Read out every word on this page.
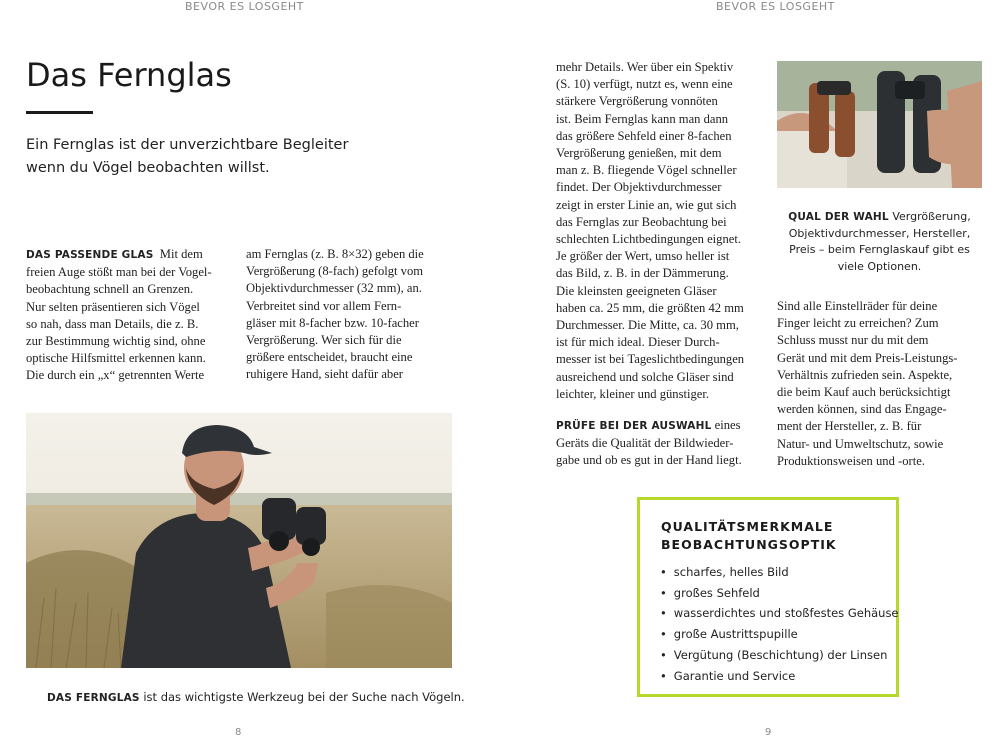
BEVOR ES LOSGEHT	BEVOR ES LOSGEHT
Das Fernglas
Ein Fernglas ist der unverzichtbare Begleiter
wenn du Vögel beobachten willst.
DAS PASSENDE GLAS Mit dem
freien Auge stößt man bei der Vogel-
beobachtung schnell an Grenzen.
Nur selten präsentieren sich Vögel
so nah, dass man Details, die z. B.
zur Bestimmung wichtig sind, ohne
optische Hilfsmittel erkennen kann.
Die durch ein „x“ getrennten Werte
am Fernglas (z. B. 8×32) geben die
Vergrößerung (8-fach) gefolgt vom
Objektivdurchmesser (32 mm), an.
Verbreitet sind vor allem Fern-
gläser mit 8-facher bzw. 10-facher
Vergrößerung. Wer sich für die
größere entscheidet, braucht eine
ruhigere Hand, sieht dafür aber
DAS FERNGLAS ist das wichtigste Werkzeug bei der Suche nach Vögeln.
mehr Details. Wer über ein Spektiv
(S. 10) verfügt, nutzt es, wenn eine
stärkere Vergrößerung vonnöten
ist. Beim Fernglas kann man dann
das größere Sehfeld einer 8-fachen
Vergrößerung genießen, mit dem
man z. B. fliegende Vögel schneller
findet. Der Objektivdurchmesser
zeigt in erster Linie an, wie gut sich
das Fernglas zur Beobachtung bei
schlechten Lichtbedingungen eignet.
Je größer der Wert, umso heller ist
das Bild, z. B. in der Dämmerung.
Die kleinsten geeigneten Gläser
haben ca. 25 mm, die größten 42 mm
Durchmesser. Die Mitte, ca. 30 mm,
ist für mich ideal. Dieser Durch-
messer ist bei Tageslichtbedingungen
ausreichend und solche Gläser sind
leichter, kleiner und günstiger.
PRÜFE BEI DER AUSWAHL eines
Geräts die Qualität der Bildwieder-
gabe und ob es gut in der Hand liegt.
QUAL DER WAHL Vergrößerung,
Objektivdurchmesser, Hersteller,
Preis – beim Fernglaskauf gibt es
viele Optionen.
Sind alle Einstellräder für deine
Finger leicht zu erreichen? Zum
Schluss musst nur du mit dem
Gerät und mit dem Preis-Leistungs-
Verhältnis zufrieden sein. Aspekte,
die beim Kauf auch berücksichtigt
werden können, sind das Engage-
ment der Hersteller, z. B. für
Natur- und Umweltschutz, sowie
Produktionsweisen und -orte.
QUALITÄTSMERKMALE
BEOBACHTUNGSOPTIK
• scharfes, helles Bild
• großes Sehfeld
• wasserdichtes und stoßfestes Gehäuse
• große Austrittspupille
• Vergütung (Beschichtung) der Linsen
• Garantie und Service
8	9
